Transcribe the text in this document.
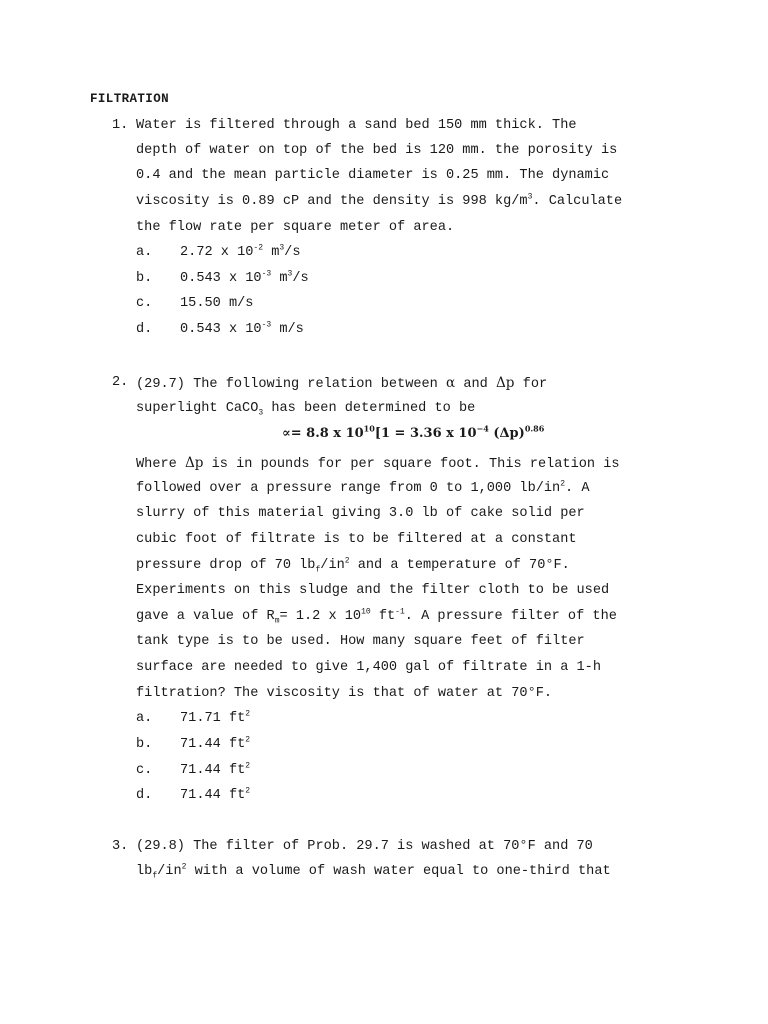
FILTRATION
1. Water is filtered through a sand bed 150 mm thick. The
depth of water on top of the bed is 120 mm. the porosity is
0.4 and the mean particle diameter is 0.25 mm. The dynamic
viscosity is 0.89 cP and the density is 998 $kg/m^3$. Calculate
the flow rate per square meter of area.
a. 2.72 x $10^{-2}$ $m^3/s$
b. 0.543 x $10^{-3}$ $m^3/s$
c. 15.50 m/s
d. 0.543 x $10^{-3}$ m/s
2. (29.7) The following relation between α and Δp for
superlight CaCO$_3$ has been determined to be
∝= 8.8 x $10^{10}[1 = 3.36$ x $10^{-4}$ $(\Delta p)^{0.86}$
Where Δp is in pounds for per square foot. This relation is
followed over a pressure range from 0 to 1,000 $lb/in^2$. A
slurry of this material giving 3.0 lb of cake solid per
cubic foot of filtrate is to be filtered at a constant
pressure drop of 70 $lb_f/in^2$ and a temperature of 70°F.
Experiments on this sludge and the filter cloth to be used
gave a value of $R_m= 1.2$ x $10^{10}$ $ft^{-1}$. A pressure filter of the
tank type is to be used. How many square feet of filter
surface are needed to give 1,400 gal of filtrate in a 1-h
filtration? The viscosity is that of water at 70°F.
a. 71.71 $ft^2$
b. 71.44 $ft^2$
c. 71.44 $ft^2$
d. 71.44 $ft^2$
3. (29.8) The filter of Prob. 29.7 is washed at 70°F and 70
$lb_f/in^2$ with a volume of wash water equal to one-third that
